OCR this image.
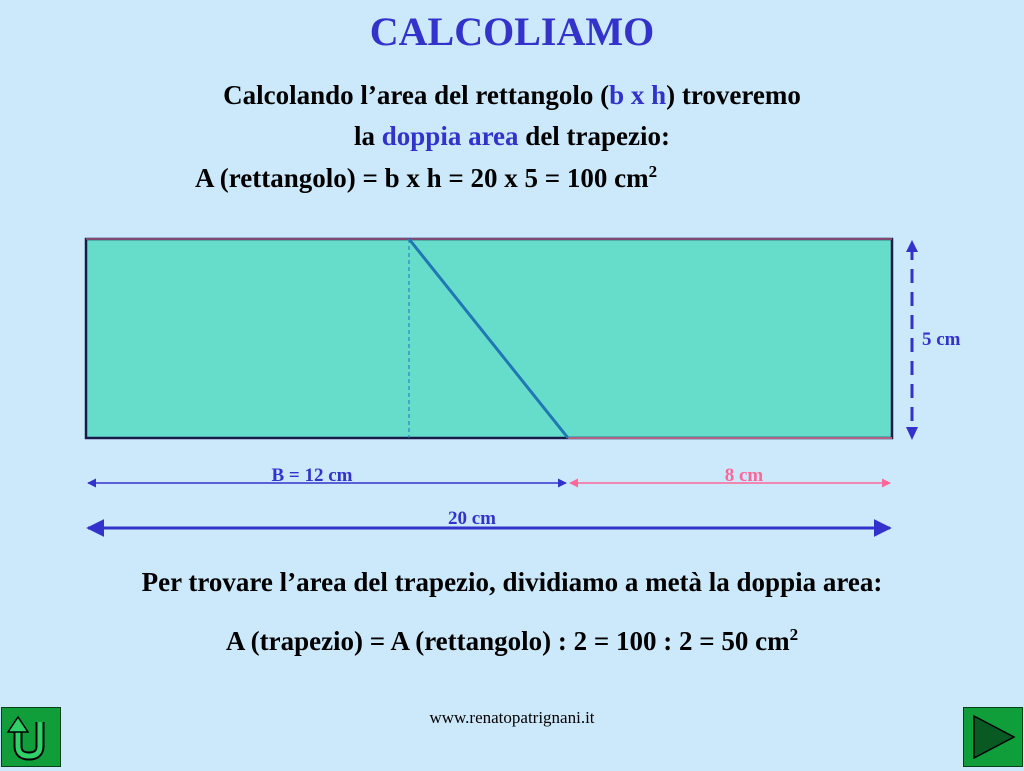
CALCOLIAMO
Calcolando l’area del rettangolo (b x h) troveremo
la doppia area del trapezio:
A (rettangolo) = b x h = 20 x 5 = 100 $cm^2$
5 cm
B = 12 cm	8 cm
20 cm
Per trovare l’area del trapezio, dividiamo a metà la doppia area:
A (trapezio) = A (rettangolo) : 2 = 100 : 2 = 50 $cm^2$
www.renatopatrignani.it
